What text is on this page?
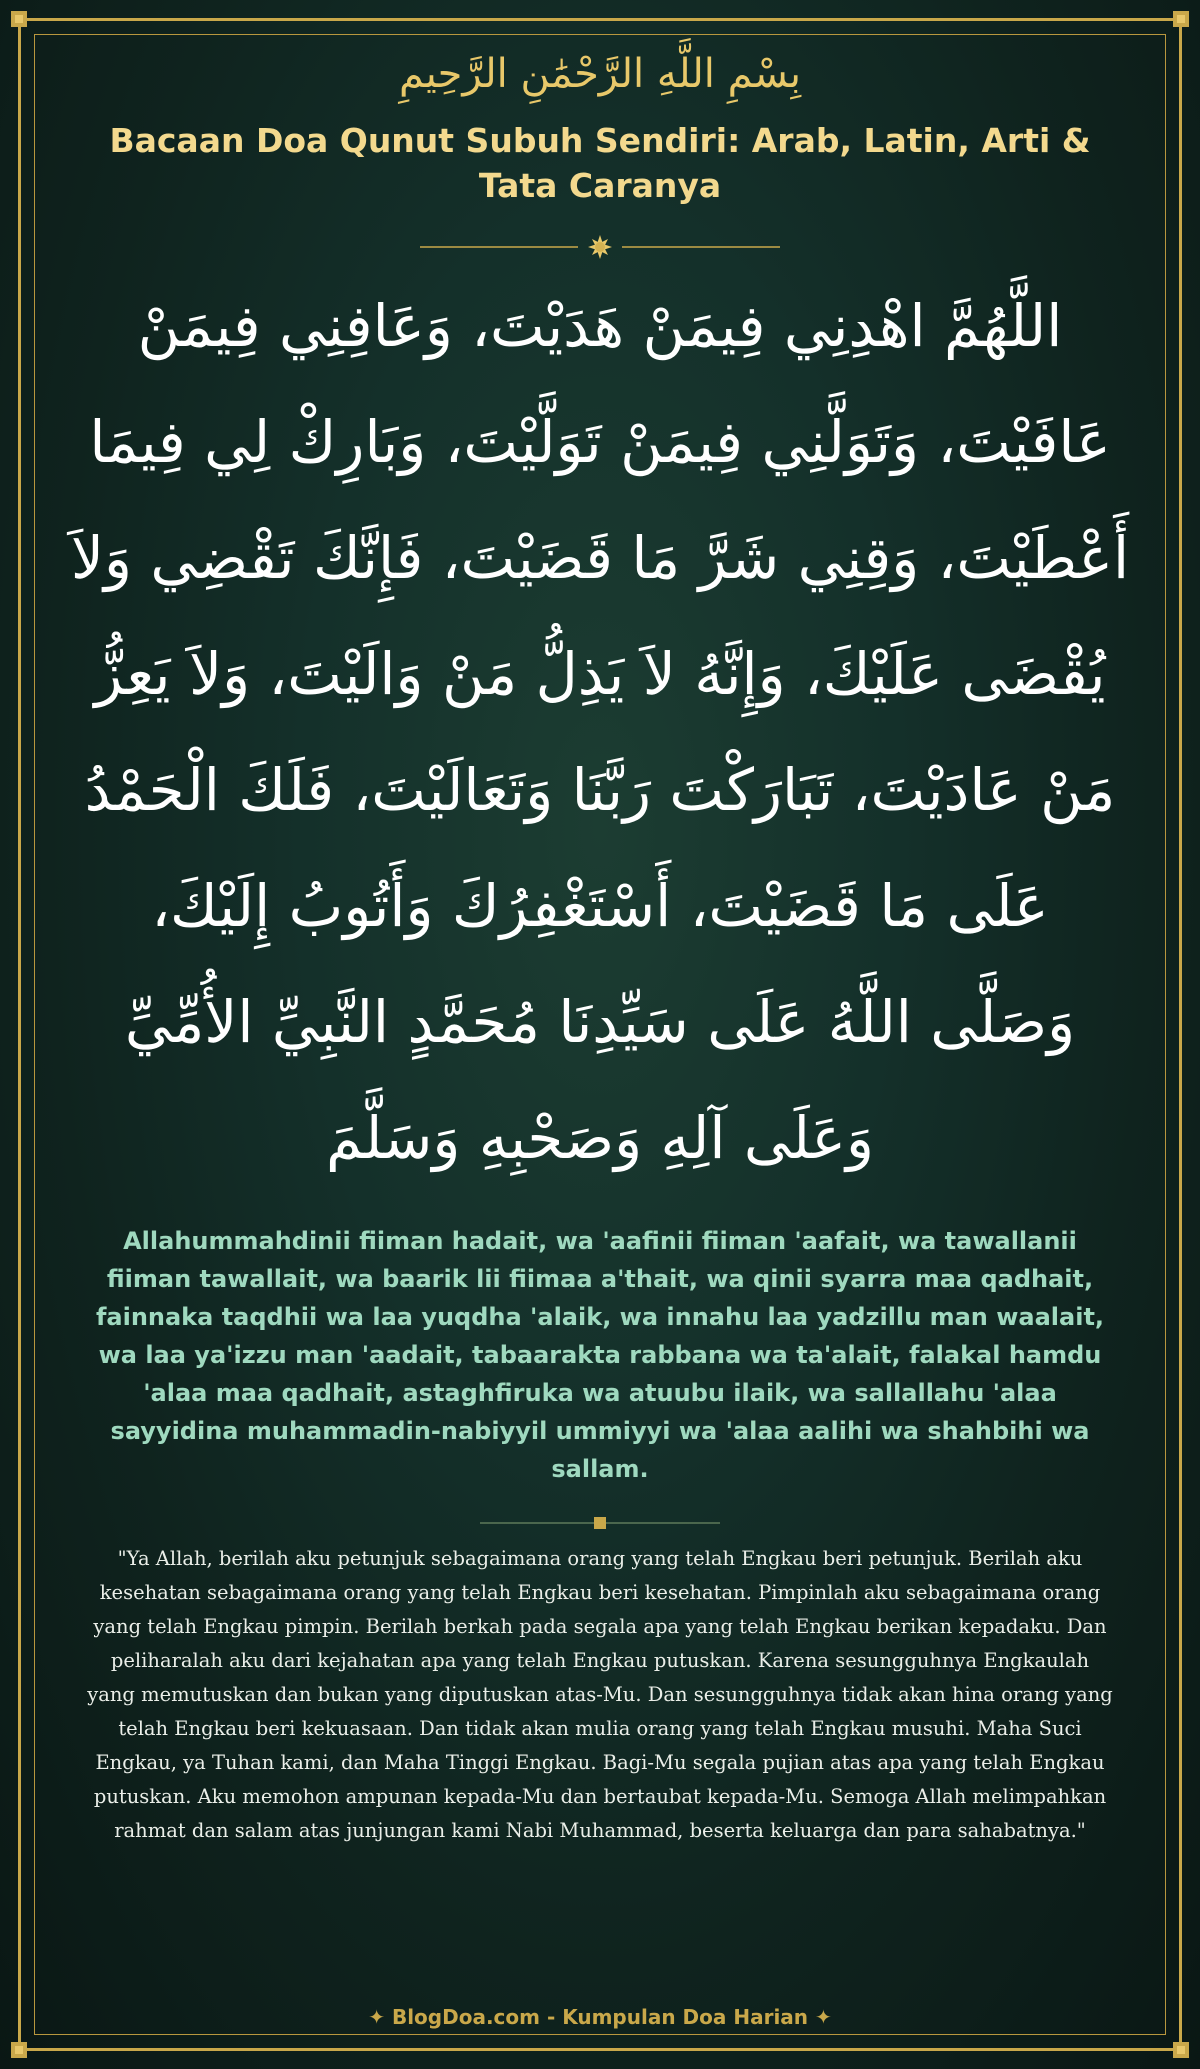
بِسْمِ اللَّهِ الرَّحْمَٰنِ الرَّحِيمِ
Bacaan Doa Qunut Subuh Sendiri: Arab, Latin, Arti & Tata Caranya
اللَّهُمَّ اهْدِنِي فِيمَنْ هَدَيْتَ، وَعَافِنِي فِيمَنْ عَافَيْتَ، وَتَوَلَّنِي فِيمَنْ تَوَلَّيْتَ، وَبَارِكْ لِي فِيمَا أَعْطَيْتَ، وَقِنِي شَرَّ مَا قَضَيْتَ، فَإِنَّكَ تَقْضِي وَلاَ يُقْضَى عَلَيْكَ، وَإِنَّهُ لاَ يَذِلُّ مَنْ وَالَيْتَ، وَلاَ يَعِزُّ مَنْ عَادَيْتَ، تَبَارَكْتَ رَبَّنَا وَتَعَالَيْتَ، فَلَكَ الْحَمْدُ عَلَى مَا قَضَيْتَ، أَسْتَغْفِرُكَ وَأَتُوبُ إِلَيْكَ، وَصَلَّى اللَّهُ عَلَى سَيِّدِنَا مُحَمَّدٍ النَّبِيِّ الأُمِّيِّ وَعَلَى آلِهِ وَصَحْبِهِ وَسَلَّمَ
Allahummahdinii fiiman hadait, wa 'aafinii fiiman 'aafait, wa tawallanii fiiman tawallait, wa baarik lii fiimaa a'thait, wa qinii syarra maa qadhait, fainnaka taqdhii wa laa yuqdha 'alaik, wa innahu laa yadzillu man waalait, wa laa ya'izzu man 'aadait, tabaarakta rabbana wa ta'alait, falakal hamdu 'alaa maa qadhait, astaghfiruka wa atuubu ilaik, wa sallallahu 'alaa sayyidina muhammadin-nabiyyil ummiyyi wa 'alaa aalihi wa shahbihi wa sallam.
"Ya Allah, berilah aku petunjuk sebagaimana orang yang telah Engkau beri petunjuk. Berilah aku kesehatan sebagaimana orang yang telah Engkau beri kesehatan. Pimpinlah aku sebagaimana orang yang telah Engkau pimpin. Berilah berkah pada segala apa yang telah Engkau berikan kepadaku. Dan peliharalah aku dari kejahatan apa yang telah Engkau putuskan. Karena sesungguhnya Engkaulah yang memutuskan dan bukan yang diputuskan atas-Mu. Dan sesungguhnya tidak akan hina orang yang telah Engkau beri kekuasaan. Dan tidak akan mulia orang yang telah Engkau musuhi. Maha Suci Engkau, ya Tuhan kami, dan Maha Tinggi Engkau. Bagi-Mu segala pujian atas apa yang telah Engkau putuskan. Aku memohon ampunan kepada-Mu dan bertaubat kepada-Mu. Semoga Allah melimpahkan rahmat dan salam atas junjungan kami Nabi Muhammad, beserta keluarga dan para sahabatnya."
✦ BlogDoa.com - Kumpulan Doa Harian ✦
